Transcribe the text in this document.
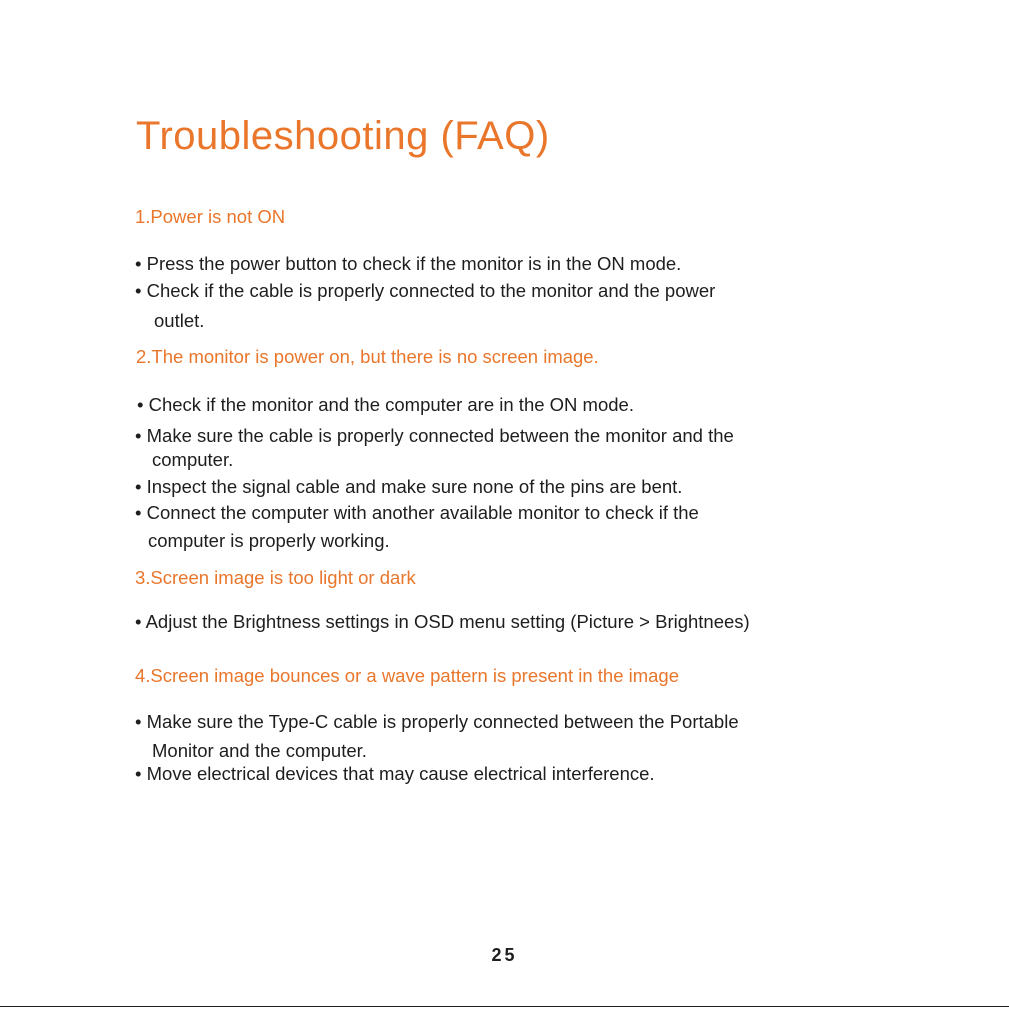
Troubleshooting (FAQ)
1.Power is not ON
• Press the power button to check if the monitor is in the ON mode.
• Check if the cable is properly connected to the monitor and the power
outlet.
2.The monitor is power on, but there is no screen image.
• Check if the monitor and the computer are in the ON mode.
• Make sure the cable is properly connected between the monitor and the
computer.
• Inspect the signal cable and make sure none of the pins are bent.
• Connect the computer with another available monitor to check if the
computer is properly working.
3.Screen image is too light or dark
• Adjust the Brightness settings in OSD menu setting (Picture > Brightnees)
4.Screen image bounces or a wave pattern is present in the image
• Make sure the Type-C cable is properly connected between the Portable
Monitor and the computer.
• Move electrical devices that may cause electrical interference.
25
